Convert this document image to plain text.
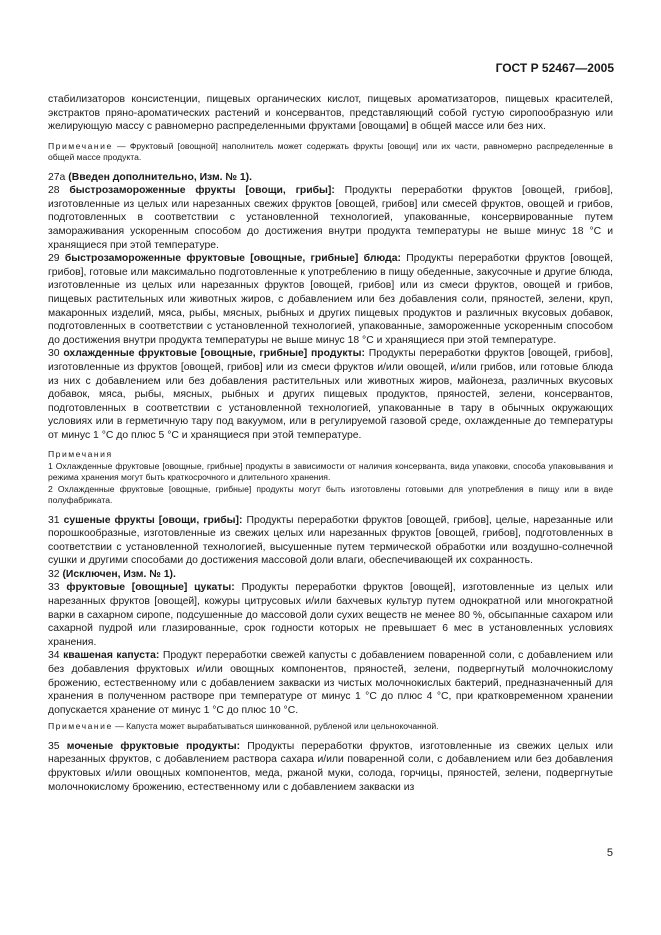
ГОСТ Р 52467—2005

стабилизаторов консистенции, пищевых органических кислот, пищевых ароматизаторов, пищевых красителей, экстрактов пряно-ароматических растений и консервантов, представляющий собой густую сиропообразную или желирующую массу с равномерно распределенными фруктами [овощами] в общей массе или без них.

Примечание — Фруктовый [овощной] наполнитель может содержать фрукты [овощи] или их части, равномерно распределенные в общей массе продукта.

27а (Введен дополнительно, Изм. № 1).

28 быстрозамороженные фрукты [овощи, грибы]: Продукты переработки фруктов [овощей, грибов], изготовленные из целых или нарезанных свежих фруктов [овощей, грибов] или смесей фруктов, овощей и грибов, подготовленных в соответствии с установленной технологией, упакованные, консервированные путем замораживания ускоренным способом до достижения внутри продукта температуры не выше минус 18 °С и хранящиеся при этой температуре.

29 быстрозамороженные фруктовые [овощные, грибные] блюда: Продукты переработки фруктов [овощей, грибов], готовые или максимально подготовленные к употреблению в пищу обеденные, закусочные и другие блюда, изготовленные из целых или нарезанных фруктов [овощей, грибов] или из смеси фруктов, овощей и грибов, пищевых растительных или животных жиров, с добавлением или без добавления соли, пряностей, зелени, круп, макаронных изделий, мяса, рыбы, мясных, рыбных и других пищевых продуктов и различных вкусовых добавок, подготовленных в соответствии с установленной технологией, упакованные, замороженные ускоренным способом до достижения внутри продукта температуры не выше минус 18 °С и хранящиеся при этой температуре.

30 охлажденные фруктовые [овощные, грибные] продукты: Продукты переработки фруктов [овощей, грибов], изготовленные из фруктов [овощей, грибов] или из смеси фруктов и/или овощей, и/или грибов, или готовые блюда из них с добавлением или без добавления растительных или животных жиров, майонеза, различных вкусовых добавок, мяса, рыбы, мясных, рыбных и других пищевых продуктов, пряностей, зелени, консервантов, подготовленных в соответствии с установленной технологией, упакованные в тару в обычных окружающих условиях или в герметичную тару под вакуумом, или в регулируемой газовой среде, охлажденные до температуры от минус 1 °С до плюс 5 °С и хранящиеся при этой температуре.

Примечания

1 Охлажденные фруктовые [овощные, грибные] продукты в зависимости от наличия консерванта, вида упаковки, способа упаковывания и режима хранения могут быть краткосрочного и длительного хранения.

2 Охлажденные фруктовые [овощные, грибные] продукты могут быть изготовлены готовыми для употребления в пищу или в виде полуфабриката.

31 сушеные фрукты [овощи, грибы]: Продукты переработки фруктов [овощей, грибов], целые, нарезанные или порошкообразные, изготовленные из свежих целых или нарезанных фруктов [овощей, грибов], подготовленных в соответствии с установленной технологией, высушенные путем термической обработки или воздушно-солнечной сушки и другими способами до достижения массовой доли влаги, обеспечивающей их сохранность.

32 (Исключен, Изм. № 1).

33 фруктовые [овощные] цукаты: Продукты переработки фруктов [овощей], изготовленные из целых или нарезанных фруктов [овощей], кожуры цитрусовых и/или бахчевых культур путем однократной или многократной варки в сахарном сиропе, подсушенные до массовой доли сухих веществ не менее 80 %, обсыпанные сахаром или сахарной пудрой или глазированные, срок годности которых не превышает 6 мес в установленных условиях хранения.

34 квашеная капуста: Продукт переработки свежей капусты с добавлением поваренной соли, с добавлением или без добавления фруктовых и/или овощных компонентов, пряностей, зелени, подвергнутый молочнокислому брожению, естественному или с добавлением закваски из чистых молочнокислых бактерий, предназначенный для хранения в полученном растворе при температуре от минус 1 °С до плюс 4 °С, при кратковременном хранении допускается хранение от минус 1 °С до плюс 10 °С.

Примечание — Капуста может вырабатываться шинкованной, рубленой или цельнокочанной.

35 моченые фруктовые продукты: Продукты переработки фруктов, изготовленные из свежих целых или нарезанных фруктов, с добавлением раствора сахара и/или поваренной соли, с добавлением или без добавления фруктовых и/или овощных компонентов, меда, ржаной муки, солода, горчицы, пряностей, зелени, подвергнутые молочнокислому брожению, естественному или с добавлением закваски из

5
